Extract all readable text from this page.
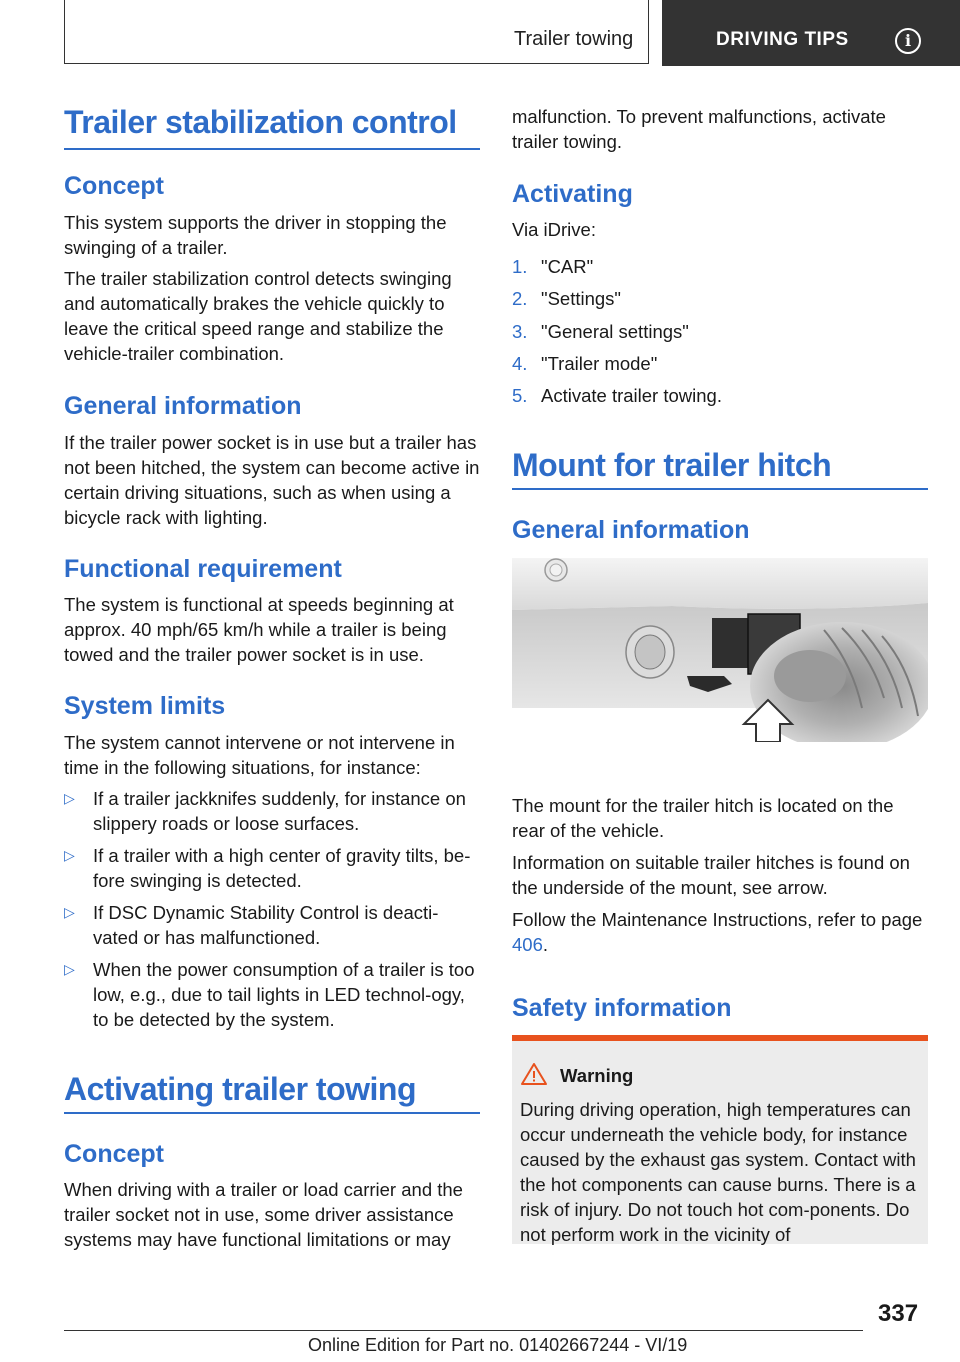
Trailer towing	DRIVING TIPS	i
Trailer stabilization control
Concept
This system supports the driver in stopping the swinging of a trailer.
The trailer stabilization control detects swinging and automatically brakes the vehicle quickly to leave the critical speed range and stabilize the vehicle-trailer combination.
General information
If the trailer power socket is in use but a trailer has not been hitched, the system can become active in certain driving situations, such as when using a bicycle rack with lighting.
Functional requirement
The system is functional at speeds beginning at approx. 40 mph/65 km/h while a trailer is being towed and the trailer power socket is in use.
System limits
The system cannot intervene or not intervene in time in the following situations, for instance:
▷ If a trailer jackknifes suddenly, for instance on slippery roads or loose surfaces.
▷ If a trailer with a high center of gravity tilts, be-fore swinging is detected.
▷ If DSC Dynamic Stability Control is deacti-vated or has malfunctioned.
▷ When the power consumption of a trailer is too low, e.g., due to tail lights in LED technol-ogy, to be detected by the system.
Activating trailer towing
Concept
When driving with a trailer or load carrier and the trailer socket not in use, some driver assistance systems may have functional limitations or may
malfunction. To prevent malfunctions, activate trailer towing.
Activating
Via iDrive:
1. "CAR"
2. "Settings"
3. "General settings"
4. "Trailer mode"
5. Activate trailer towing.
Mount for trailer hitch
General information
The mount for the trailer hitch is located on the rear of the vehicle.
Information on suitable trailer hitches is found on the underside of the mount, see arrow.
Follow the Maintenance Instructions, refer to page 406.
Safety information
Warning
During driving operation, high temperatures can occur underneath the vehicle body, for instance caused by the exhaust gas system. Contact with the hot components can cause burns. There is a risk of injury. Do not touch hot com-ponents. Do not perform work in the vicinity of
337
Online Edition for Part no. 01402667244 - VI/19
